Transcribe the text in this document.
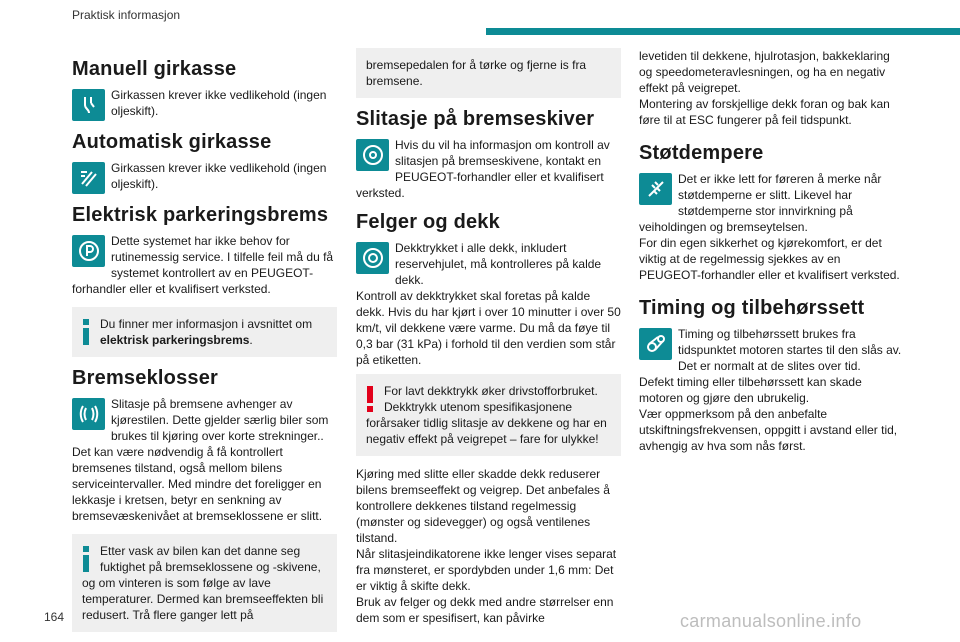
Praktisk informasjon
Manuell girkasse
Girkassen krever ikke vedlikehold (ingen oljeskift).
Automatisk girkasse
Girkassen krever ikke vedlikehold (ingen oljeskift).
Elektrisk parkeringsbrems
Dette systemet har ikke behov for rutinemessig service. I tilfelle feil må du få systemet kontrollert av en PEUGEOT-forhandler eller et kvalifisert verksted.
Du finner mer informasjon i avsnittet om elektrisk parkeringsbrems.
Bremseklosser
Slitasje på bremsene avhenger av kjørestilen. Dette gjelder særlig biler som brukes til kjøring over korte strekninger.. Det kan være nødvendig å få kontrollert bremsenes tilstand, også mellom bilens serviceintervaller. Med mindre det foreligger en lekkasje i kretsen, betyr en senkning av bremsevæskenivået at bremseklossene er slitt.
Etter vask av bilen kan det danne seg fuktighet på bremseklossene og -skivene, og om vinteren is som følge av lave temperaturer. Dermed kan bremseeffekten bli redusert. Trå flere ganger lett på
bremsepedalen for å tørke og fjerne is fra bremsene.
Slitasje på bremseskiver
Hvis du vil ha informasjon om kontroll av slitasjen på bremseskivene, kontakt en PEUGEOT-forhandler eller et kvalifisert verksted.
Felger og dekk
Dekktrykket i alle dekk, inkludert reservehjulet, må kontrolleres på kalde dekk.
Kontroll av dekktrykket skal foretas på kalde dekk. Hvis du har kjørt i over 10 minutter i over 50 km/t, vil dekkene være varme. Du må da føye til 0,3 bar (31 kPa) i forhold til den verdien som står på etiketten.
For lavt dekktrykk øker drivstofforbruket. Dekktrykk utenom spesifikasjonene forårsaker tidlig slitasje av dekkene og har en negativ effekt på veigrepet – fare for ulykke!
Kjøring med slitte eller skadde dekk reduserer bilens bremseeffekt og veigrep. Det anbefales å kontrollere dekkenes tilstand regelmessig (mønster og sidevegger) og også ventilenes tilstand.
Når slitasjeindikatorene ikke lenger vises separat fra mønsteret, er spordybden under 1,6 mm: Det er viktig å skifte dekk.
Bruk av felger og dekk med andre størrelser enn dem som er spesifisert, kan påvirke
levetiden til dekkene, hjulrotasjon, bakkeklaring og speedometeravlesningen, og ha en negativ effekt på veigrepet.
Montering av forskjellige dekk foran og bak kan føre til at ESC fungerer på feil tidspunkt.
Støtdempere
Det er ikke lett for føreren å merke når støtdemperne er slitt. Likevel har støtdemperne stor innvirkning på veiholdingen og bremseytelsen.
For din egen sikkerhet og kjørekomfort, er det viktig at de regelmessig sjekkes av en PEUGEOT-forhandler eller et kvalifisert verksted.
Timing og tilbehørssett
Timing og tilbehørssett brukes fra tidspunktet motoren startes til den slås av. Det er normalt at de slites over tid.
Defekt timing eller tilbehørssett kan skade motoren og gjøre den ubrukelig.
Vær oppmerksom på den anbefalte utskiftningsfrekvensen, oppgitt i avstand eller tid, avhengig av hva som nås først.
164	carmanualsonline.info
